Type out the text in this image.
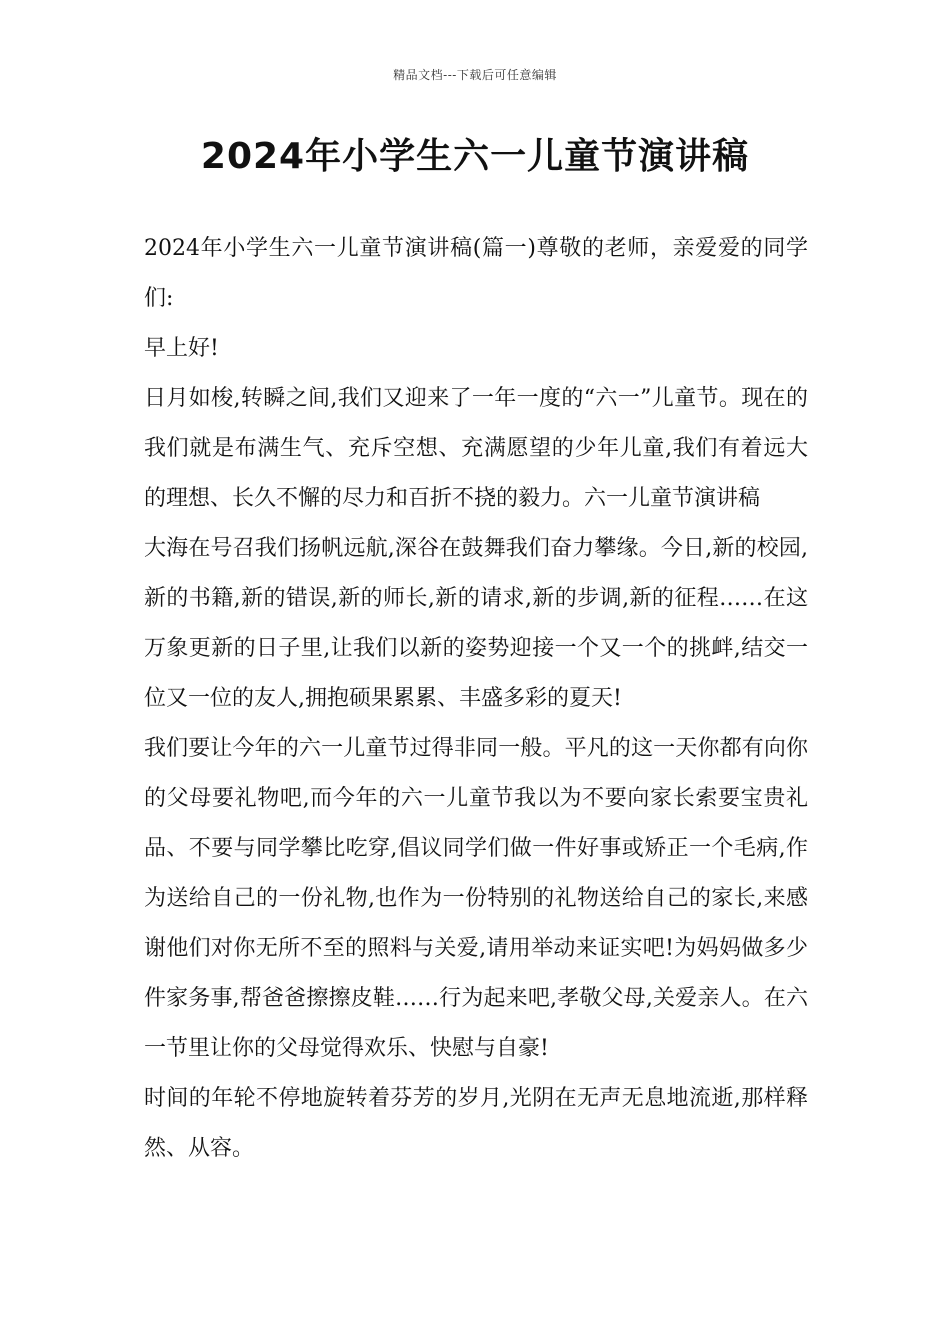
精品文档---下载后可任意编辑
2024年小学生六一儿童节演讲稿

2024年小学生六一儿童节演讲稿(篇一)尊敬的老师，亲爱爱的同学们:

早上好!

日月如梭,转瞬之间,我们又迎来了一年一度的“六一”儿童节。现在的我们就是布满生气、充斥空想、充满愿望的少年儿童,我们有着远大的理想、长久不懈的尽力和百折不挠的毅力。六一儿童节演讲稿

大海在号召我们扬帆远航,深谷在鼓舞我们奋力攀缘。今日,新的校园,新的书籍,新的错误,新的师长,新的请求,新的步调,新的征程……在这万象更新的日子里,让我们以新的姿势迎接一个又一个的挑衅,结交一位又一位的友人,拥抱硕果累累、丰盛多彩的夏天!

我们要让今年的六一儿童节过得非同一般。平凡的这一天你都有向你的父母要礼物吧,而今年的六一儿童节我以为不要向家长索要宝贵礼品、不要与同学攀比吃穿,倡议同学们做一件好事或矫正一个毛病,作为送给自己的一份礼物,也作为一份特别的礼物送给自己的家长,来感谢他们对你无所不至的照料与关爱,请用举动来证实吧!为妈妈做多少件家务事,帮爸爸擦擦皮鞋……行为起来吧,孝敬父母,关爱亲人。在六一节里让你的父母觉得欢乐、快慰与自豪!

时间的年轮不停地旋转着芬芳的岁月,光阴在无声无息地流逝,那样释然、从容。
